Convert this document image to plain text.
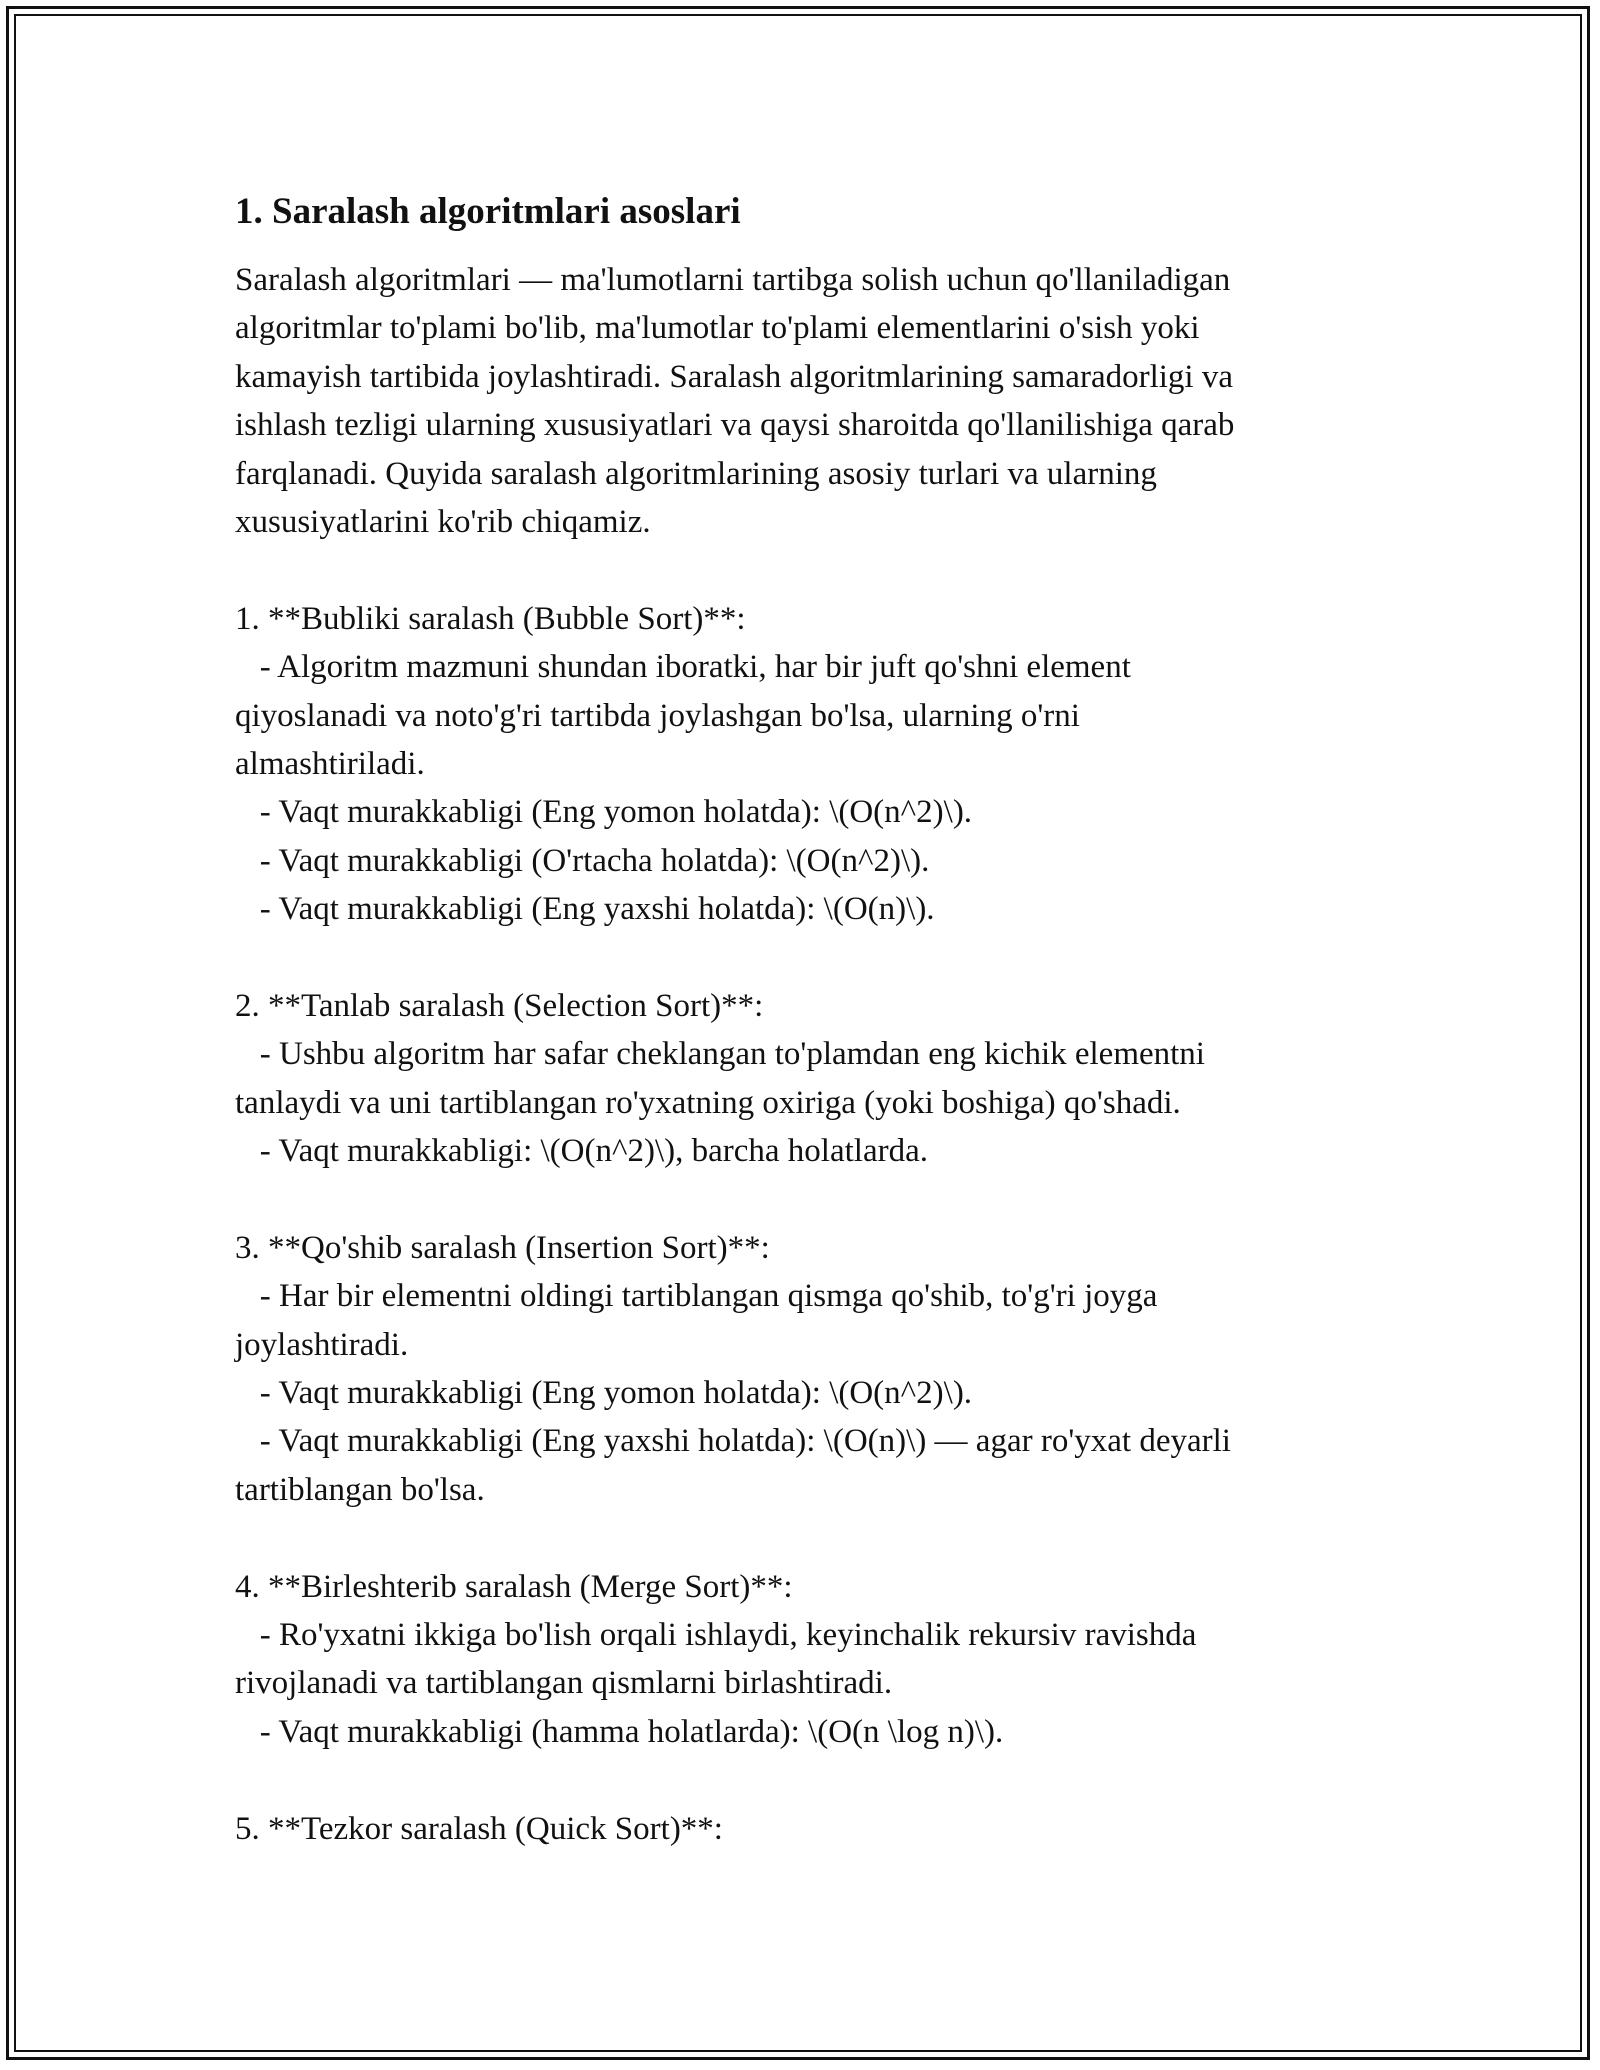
1. Saralash algoritmlari asoslari
Saralash algoritmlari — ma'lumotlarni tartibga solish uchun qo'llaniladigan
algoritmlar to'plami bo'lib, ma'lumotlar to'plami elementlarini o'sish yoki
kamayish tartibida joylashtiradi. Saralash algoritmlarining samaradorligi va
ishlash tezligi ularning xususiyatlari va qaysi sharoitda qo'llanilishiga qarab
farqlanadi. Quyida saralash algoritmlarining asosiy turlari va ularning
xususiyatlarini ko'rib chiqamiz.
1. **Bubliki saralash (Bubble Sort)**:
- Algoritm mazmuni shundan iboratki, har bir juft qo'shni element
qiyoslanadi va noto'g'ri tartibda joylashgan bo'lsa, ularning o'rni
almashtiriladi.
- Vaqt murakkabligi (Eng yomon holatda): \(O(n^2)\).
- Vaqt murakkabligi (O'rtacha holatda): \(O(n^2)\).
- Vaqt murakkabligi (Eng yaxshi holatda): \(O(n)\).
2. **Tanlab saralash (Selection Sort)**:
- Ushbu algoritm har safar cheklangan to'plamdan eng kichik elementni
tanlaydi va uni tartiblangan ro'yxatning oxiriga (yoki boshiga) qo'shadi.
- Vaqt murakkabligi: \(O(n^2)\), barcha holatlarda.
3. **Qo'shib saralash (Insertion Sort)**:
- Har bir elementni oldingi tartiblangan qismga qo'shib, to'g'ri joyga
joylashtiradi.
- Vaqt murakkabligi (Eng yomon holatda): \(O(n^2)\).
- Vaqt murakkabligi (Eng yaxshi holatda): \(O(n)\) — agar ro'yxat deyarli
tartiblangan bo'lsa.
4. **Birleshterib saralash (Merge Sort)**:
- Ro'yxatni ikkiga bo'lish orqali ishlaydi, keyinchalik rekursiv ravishda
rivojlanadi va tartiblangan qismlarni birlashtiradi.
- Vaqt murakkabligi (hamma holatlarda): \(O(n \log n)\).
5. **Tezkor saralash (Quick Sort)**:
